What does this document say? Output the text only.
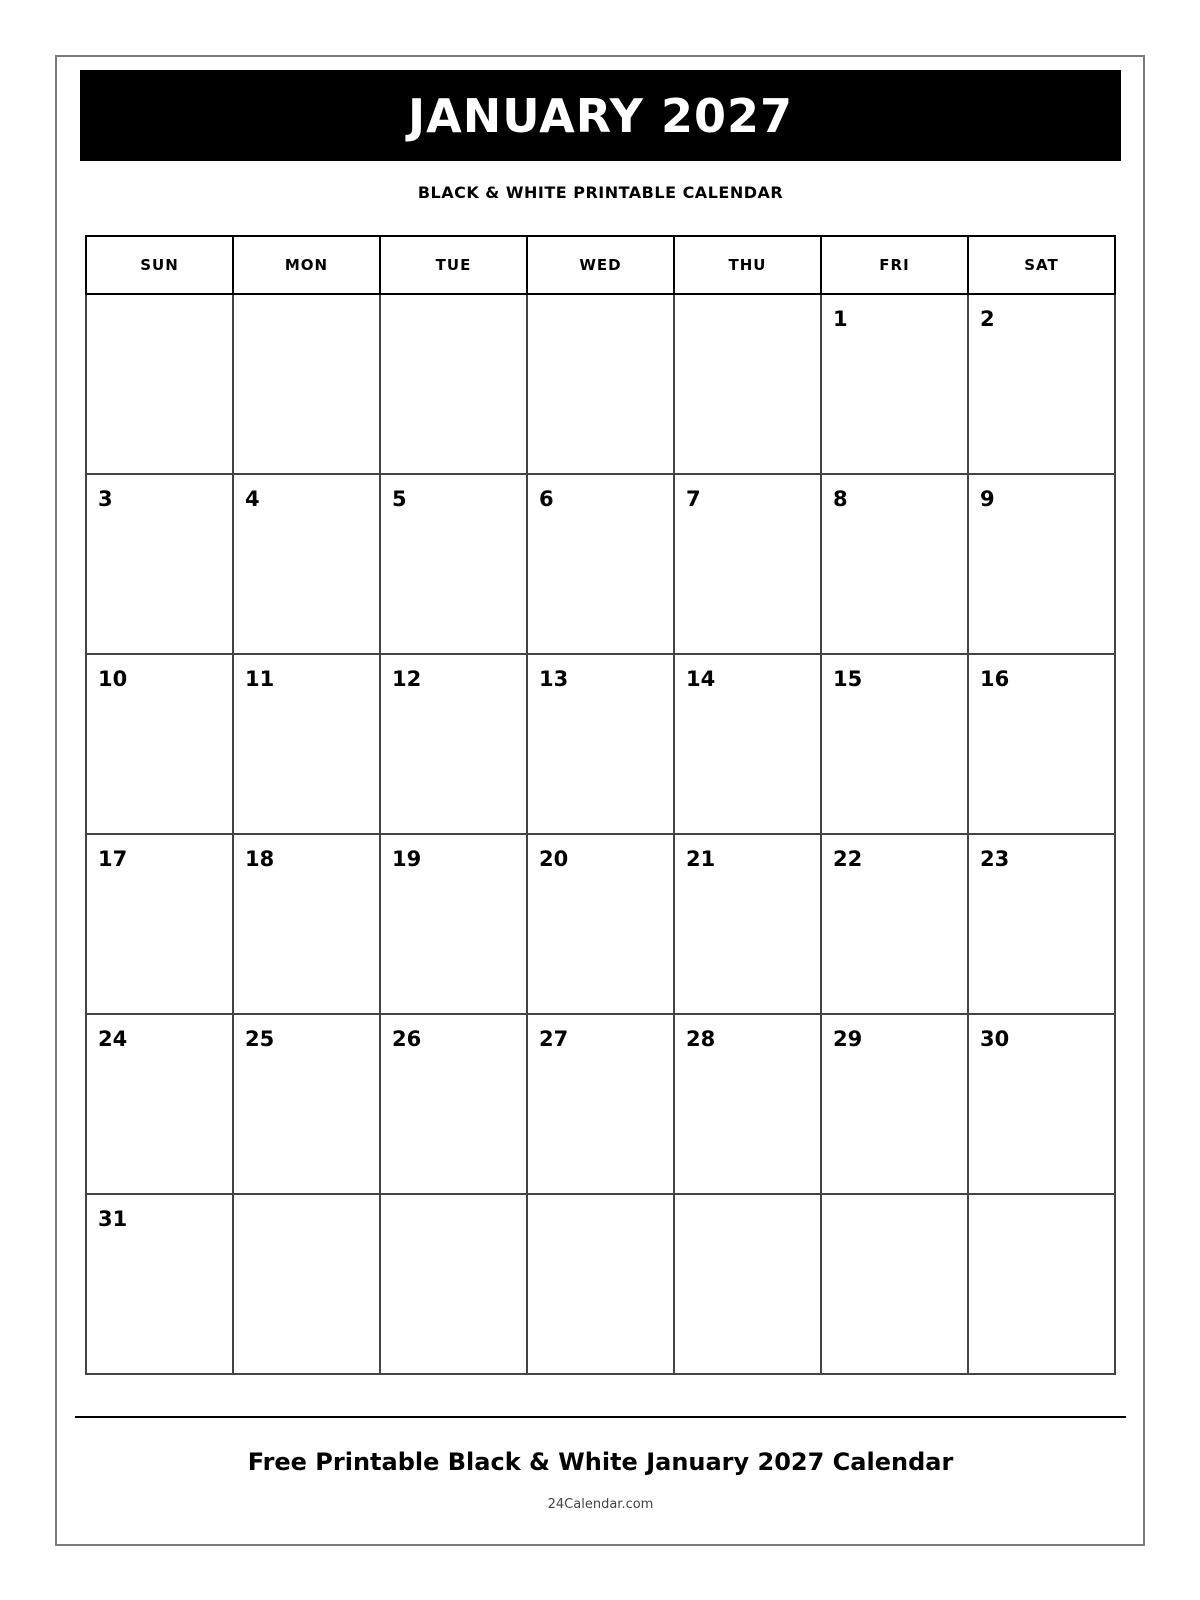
JANUARY 2027
BLACK & WHITE PRINTABLE CALENDAR
SUN	MON	TUE	WED	THU	FRI	SAT

					1	2

3	4	5	6	7	8	9

10	11	12	13	14	15	16

17	18	19	20	21	22	23

24	25	26	27	28	29	30

31						

Free Printable Black & White January 2027 Calendar
24Calendar.com
